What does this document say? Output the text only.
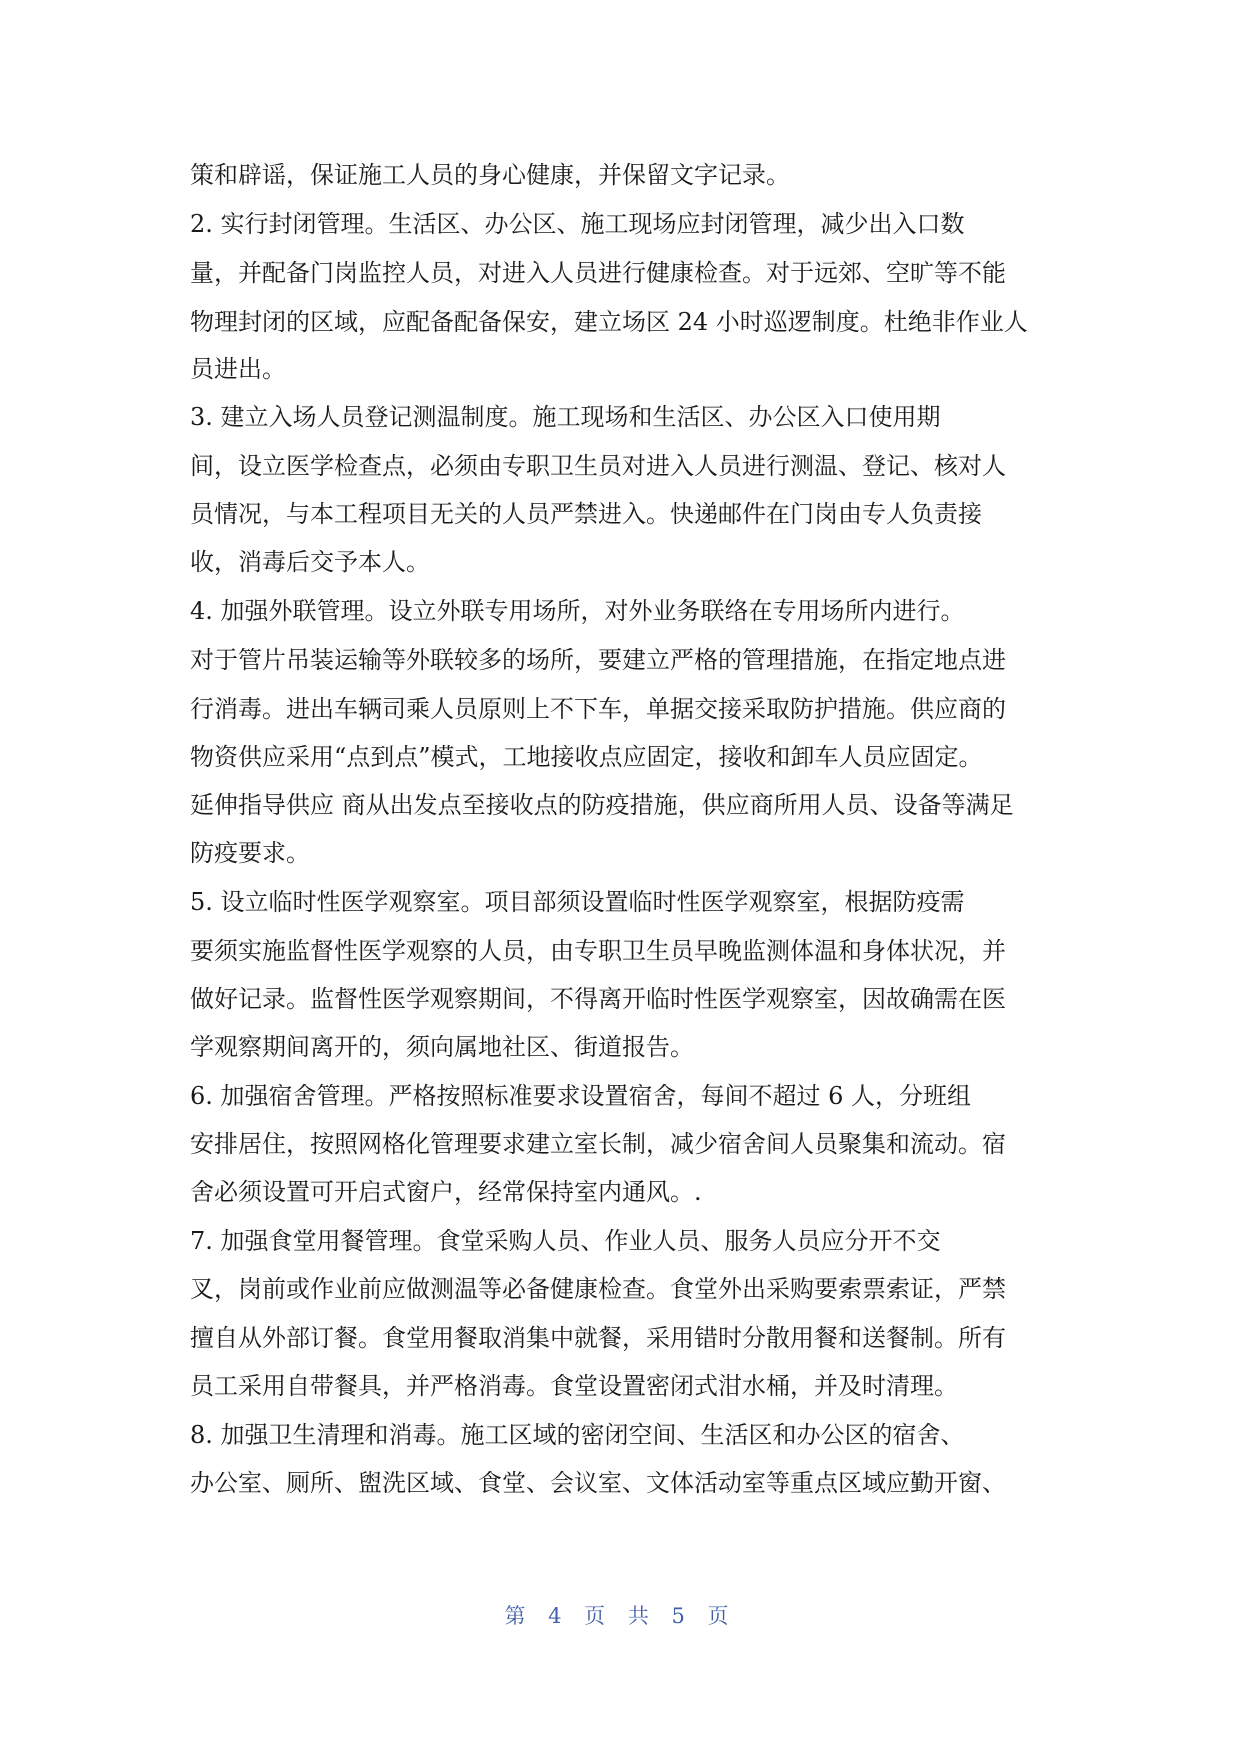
策和辟谣，保证施工人员的身心健康，并保留文字记录。
2. 实行封闭管理。生活区、办公区、施工现场应封闭管理，减少出入口数
量，并配备门岗监控人员，对进入人员进行健康检查。对于远郊、空旷等不能
物理封闭的区域，应配备配备保安，建立场区 24 小时巡逻制度。杜绝非作业人
员进出。
3. 建立入场人员登记测温制度。施工现场和生活区、办公区入口使用期
间，设立医学检查点，必须由专职卫生员对进入人员进行测温、登记、核对人
员情况，与本工程项目无关的人员严禁进入。快递邮件在门岗由专人负责接
收，消毒后交予本人。
4. 加强外联管理。设立外联专用场所，对外业务联络在专用场所内进行。
对于管片吊装运输等外联较多的场所，要建立严格的管理措施，在指定地点进
行消毒。进出车辆司乘人员原则上不下车，单据交接采取防护措施。供应商的
物资供应采用“点到点”模式，工地接收点应固定，接收和卸车人员应固定。
延伸指导供应 商从出发点至接收点的防疫措施，供应商所用人员、设备等满足
防疫要求。
5. 设立临时性医学观察室。项目部须设置临时性医学观察室，根据防疫需
要须实施监督性医学观察的人员，由专职卫生员早晚监测体温和身体状况，并
做好记录。监督性医学观察期间，不得离开临时性医学观察室，因故确需在医
学观察期间离开的，须向属地社区、街道报告。
6. 加强宿舍管理。严格按照标准要求设置宿舍，每间不超过 6 人，分班组
安排居住，按照网格化管理要求建立室长制，减少宿舍间人员聚集和流动。宿
舍必须设置可开启式窗户，经常保持室内通风。.
7. 加强食堂用餐管理。食堂采购人员、作业人员、服务人员应分开不交
叉，岗前或作业前应做测温等必备健康检查。食堂外出采购要索票索证，严禁
擅自从外部订餐。食堂用餐取消集中就餐，采用错时分散用餐和送餐制。所有
员工采用自带餐具，并严格消毒。食堂设置密闭式泔水桶，并及时清理。
8. 加强卫生清理和消毒。施工区域的密闭空间、生活区和办公区的宿舍、
办公室、厕所、盥洗区域、食堂、会议室、文体活动室等重点区域应勤开窗、
第 4 页 共 5 页
